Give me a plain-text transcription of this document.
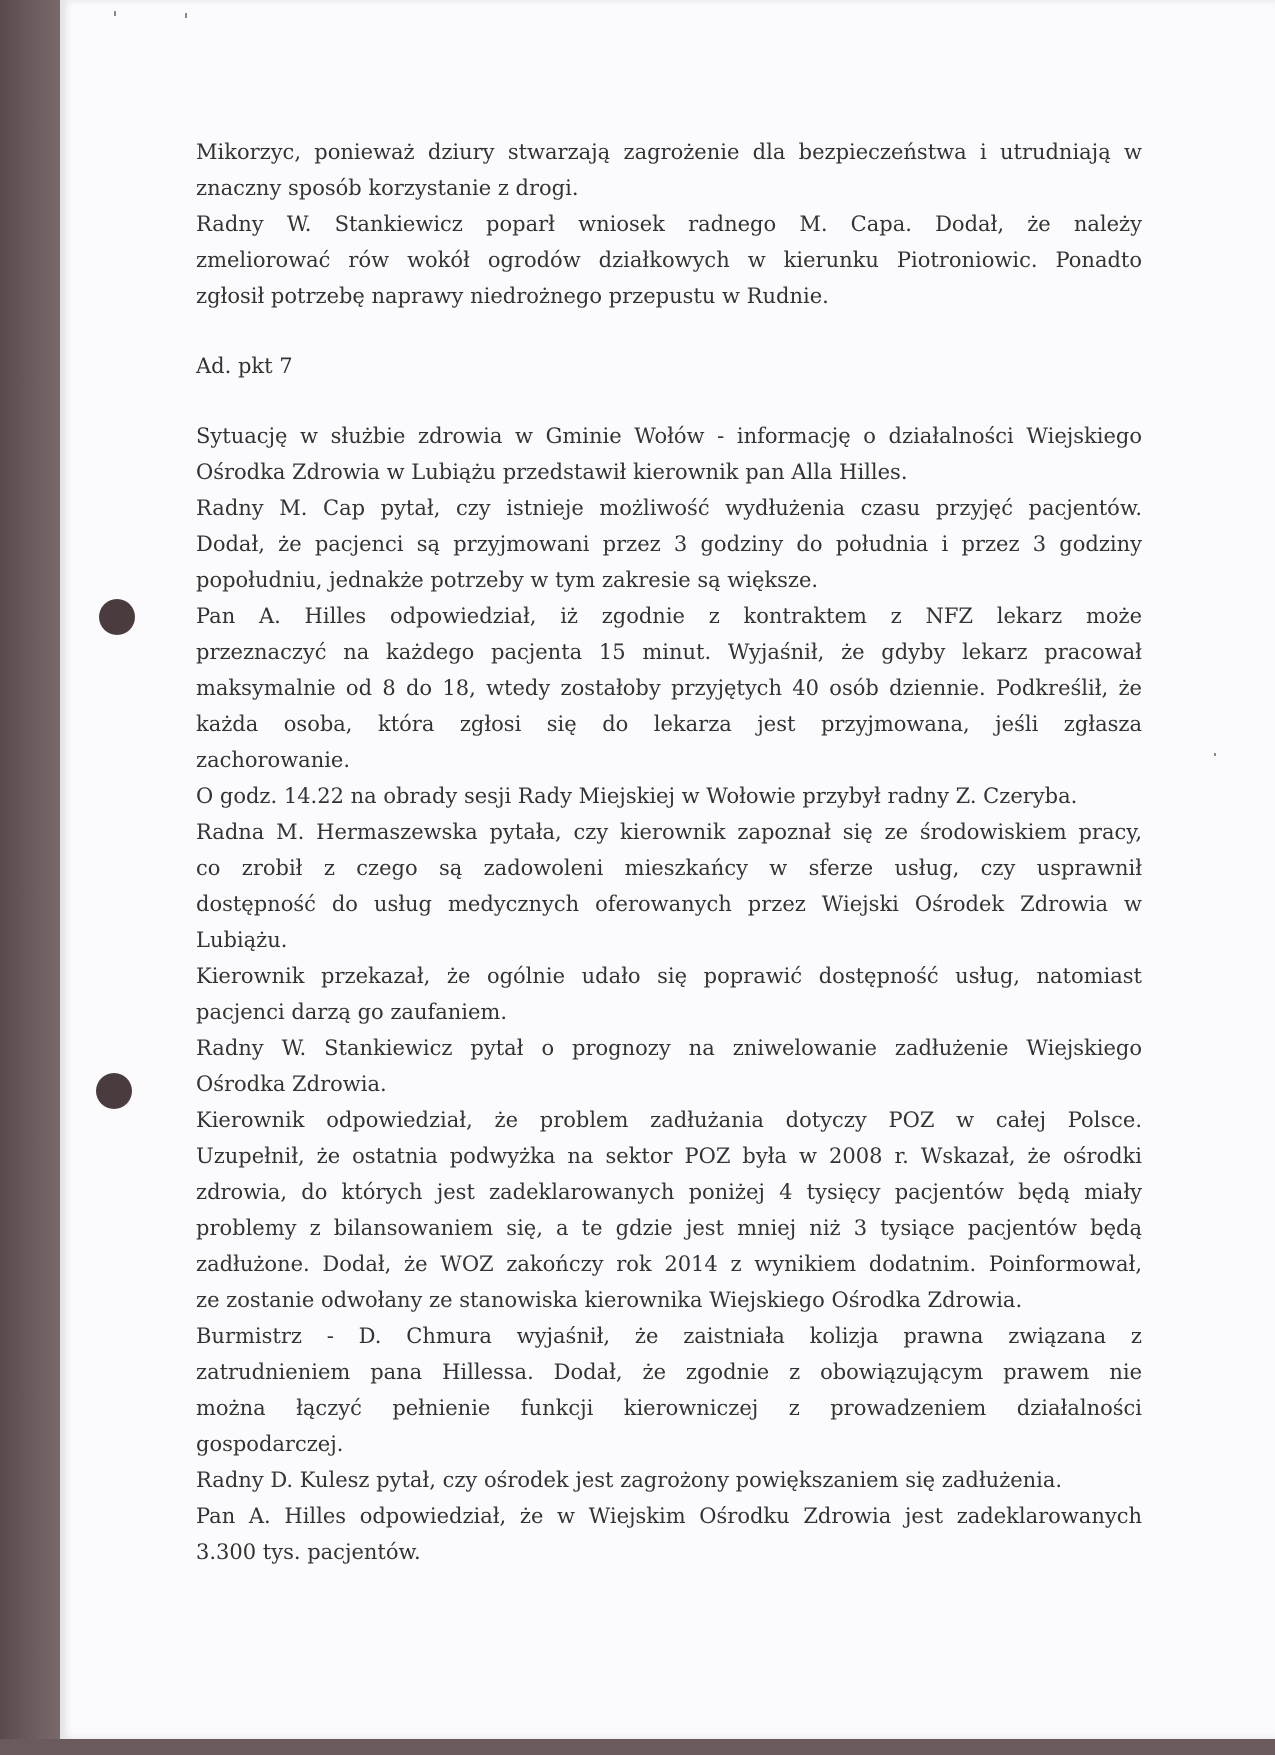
Mikorzyc, ponieważ dziury stwarzają zagrożenie dla bezpieczeństwa i utrudniają w
znaczny sposób korzystanie z drogi.
Radny W. Stankiewicz poparł wniosek radnego M. Capa. Dodał, że należy
zmeliorować rów wokół ogrodów działkowych w kierunku Piotroniowic. Ponadto
zgłosił potrzebę naprawy niedrożnego przepustu w Rudnie.
Ad. pkt 7
Sytuację w służbie zdrowia w Gminie Wołów - informację o działalności Wiejskiego
Ośrodka Zdrowia w Lubiążu przedstawił kierownik pan Alla Hilles.
Radny M. Cap pytał, czy istnieje możliwość wydłużenia czasu przyjęć pacjentów.
Dodał, że pacjenci są przyjmowani przez 3 godziny do południa i przez 3 godziny
popołudniu, jednakże potrzeby w tym zakresie są większe.
Pan A. Hilles odpowiedział, iż zgodnie z kontraktem z NFZ lekarz może
przeznaczyć na każdego pacjenta 15 minut. Wyjaśnił, że gdyby lekarz pracował
maksymalnie od 8 do 18, wtedy zostałoby przyjętych 40 osób dziennie. Podkreślił, że
każda osoba, która zgłosi się do lekarza jest przyjmowana, jeśli zgłasza
zachorowanie.
O godz. 14.22 na obrady sesji Rady Miejskiej w Wołowie przybył radny Z. Czeryba.
Radna M. Hermaszewska pytała, czy kierownik zapoznał się ze środowiskiem pracy,
co zrobił z czego są zadowoleni mieszkańcy w sferze usług, czy usprawnił
dostępność do usług medycznych oferowanych przez Wiejski Ośrodek Zdrowia w
Lubiążu.
Kierownik przekazał, że ogólnie udało się poprawić dostępność usług, natomiast
pacjenci darzą go zaufaniem.
Radny W. Stankiewicz pytał o prognozy na zniwelowanie zadłużenie Wiejskiego
Ośrodka Zdrowia.
Kierownik odpowiedział, że problem zadłużania dotyczy POZ w całej Polsce.
Uzupełnił, że ostatnia podwyżka na sektor POZ była w 2008 r. Wskazał, że ośrodki
zdrowia, do których jest zadeklarowanych poniżej 4 tysięcy pacjentów będą miały
problemy z bilansowaniem się, a te gdzie jest mniej niż 3 tysiące pacjentów będą
zadłużone. Dodał, że WOZ zakończy rok 2014 z wynikiem dodatnim. Poinformował,
ze zostanie odwołany ze stanowiska kierownika Wiejskiego Ośrodka Zdrowia.
Burmistrz - D. Chmura wyjaśnił, że zaistniała kolizja prawna związana z
zatrudnieniem pana Hillessa. Dodał, że zgodnie z obowiązującym prawem nie
można łączyć pełnienie funkcji kierowniczej z prowadzeniem działalności
gospodarczej.
Radny D. Kulesz pytał, czy ośrodek jest zagrożony powiększaniem się zadłużenia.
Pan A. Hilles odpowiedział, że w Wiejskim Ośrodku Zdrowia jest zadeklarowanych
3.300 tys. pacjentów.
